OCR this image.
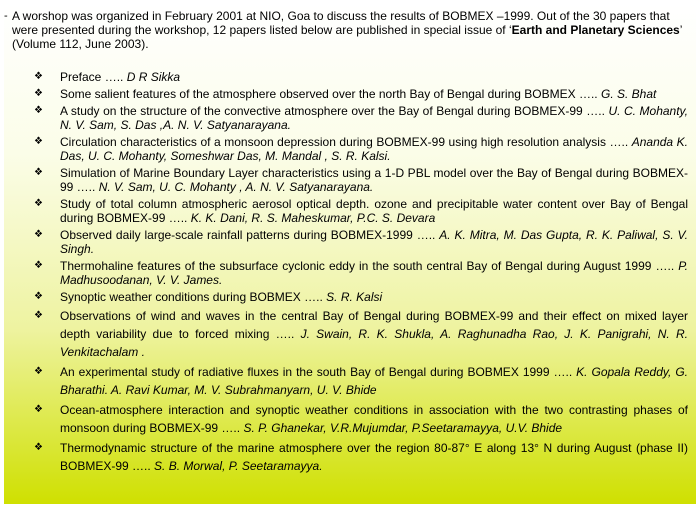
- A worshop was organized in February 2001 at NIO, Goa to discuss the results of BOBMEX –1999. Out of the 30 papers that were presented during the workshop, 12 papers listed below are published in special issue of ‘Earth and Planetary Sciences’ (Volume 112, June 2003).

❖ Preface ….. D R Sikka
❖ Some salient features of the atmosphere observed over the north Bay of Bengal during BOBMEX ….. G. S. Bhat
❖ A study on the structure of the convective atmosphere over the Bay of Bengal during BOBMEX-99 ….. U. C. Mohanty, N. V. Sam, S. Das ,A. N. V. Satyanarayana.
❖ Circulation characteristics of a monsoon depression during BOBMEX-99 using high resolution analysis ….. Ananda K. Das, U. C. Mohanty, Someshwar Das, M. Mandal , S. R. Kalsi.
❖ Simulation of Marine Boundary Layer characteristics using a 1-D PBL model over the Bay of Bengal during BOBMEX-99 ….. N. V. Sam, U. C. Mohanty , A. N. V. Satyanarayana.
❖ Study of total column atmospheric aerosol optical depth. ozone and precipitable water content over Bay of Bengal during BOBMEX-99 ….. K. K. Dani, R. S. Maheskumar, P.C. S. Devara
❖ Observed daily large-scale rainfall patterns during BOBMEX-1999 ….. A. K. Mitra, M. Das Gupta, R. K. Paliwal, S. V. Singh.
❖ Thermohaline features of the subsurface cyclonic eddy in the south central Bay of Bengal during August 1999 ….. P. Madhusoodanan, V. V. James.
❖ Synoptic weather conditions during BOBMEX ….. S. R. Kalsi
❖ Observations of wind and waves in the central Bay of Bengal during BOBMEX-99 and their effect on mixed layer depth variability due to forced mixing ….. J. Swain, R. K. Shukla, A. Raghunadha Rao, J. K. Panigrahi, N. R. Venkitachalam .
❖ An experimental study of radiative fluxes in the south Bay of Bengal during BOBMEX 1999 ….. K. Gopala Reddy, G. Bharathi. A. Ravi Kumar, M. V. Subrahmanyarn, U. V. Bhide
❖ Ocean-atmosphere interaction and synoptic weather conditions in association with the two contrasting phases of monsoon during BOBMEX-99 ….. S. P. Ghanekar, V.R.Mujumdar, P.Seetaramayya, U.V. Bhide
❖ Thermodynamic structure of the marine atmosphere over the region 80-87° E along 13° N during August (phase II) BOBMEX-99 ….. S. B. Morwal, P. Seetaramayya.
